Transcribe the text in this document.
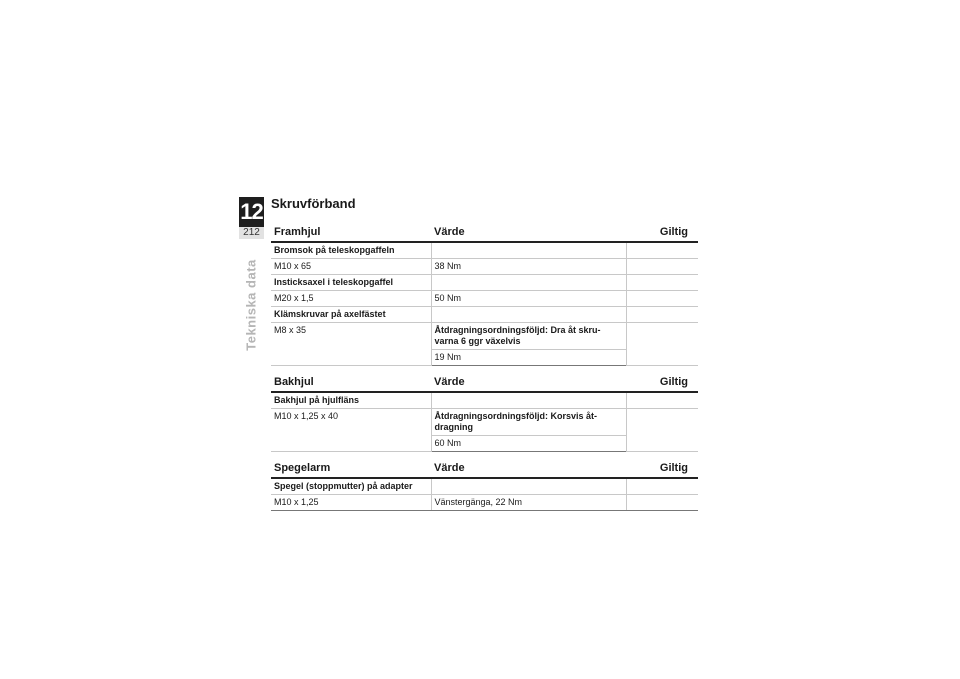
12
212
Tekniska data
Skruvförband
Framhjul	Värde	Giltig
Bromsok på teleskopgaffeln		
M10 x 65	38 Nm	
Insticksaxel i teleskopgaffel		
M20 x 1,5	50 Nm	
Klämskruvar på axelfästet		
M8 x 35	Åtdragningsordningsföljd: Dra åt skru-varna 6 ggr växelvis	
	19 Nm	
Bakhjul	Värde	Giltig
Bakhjul på hjulfläns		
M10 x 1,25 x 40	Åtdragningsordningsföljd: Korsvis åt-dragning	
	60 Nm	
Spegelarm	Värde	Giltig
Spegel (stoppmutter) på adapter		
M10 x 1,25	Vänstergänga, 22 Nm	
